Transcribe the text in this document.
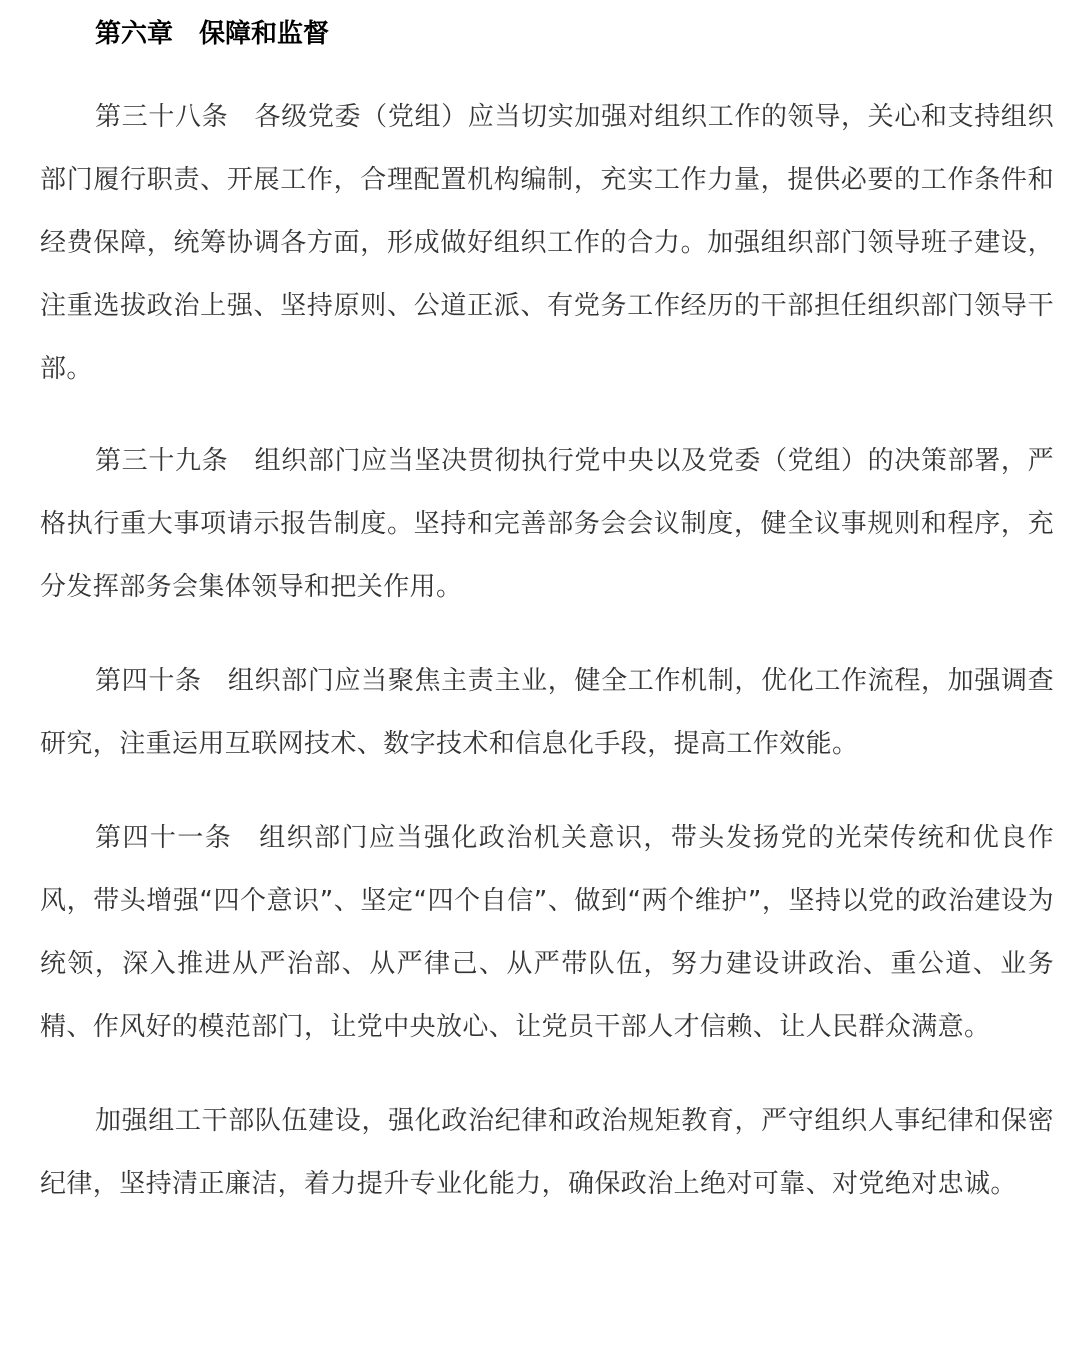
第六章 保障和监督

第三十八条 各级党委（党组）应当切实加强对组织工作的领导，关心和支持组织部门履行职责、开展工作，合理配置机构编制，充实工作力量，提供必要的工作条件和经费保障，统筹协调各方面，形成做好组织工作的合力。加强组织部门领导班子建设，注重选拔政治上强、坚持原则、公道正派、有党务工作经历的干部担任组织部门领导干部。

第三十九条 组织部门应当坚决贯彻执行党中央以及党委（党组）的决策部署，严格执行重大事项请示报告制度。坚持和完善部务会会议制度，健全议事规则和程序，充分发挥部务会集体领导和把关作用。

第四十条 组织部门应当聚焦主责主业，健全工作机制，优化工作流程，加强调查研究，注重运用互联网技术、数字技术和信息化手段，提高工作效能。

第四十一条 组织部门应当强化政治机关意识，带头发扬党的光荣传统和优良作风，带头增强“四个意识”、坚定“四个自信”、做到“两个维护”，坚持以党的政治建设为统领，深入推进从严治部、从严律己、从严带队伍，努力建设讲政治、重公道、业务精、作风好的模范部门，让党中央放心、让党员干部人才信赖、让人民群众满意。

加强组工干部队伍建设，强化政治纪律和政治规矩教育，严守组织人事纪律和保密纪律，坚持清正廉洁，着力提升专业化能力，确保政治上绝对可靠、对党绝对忠诚。
